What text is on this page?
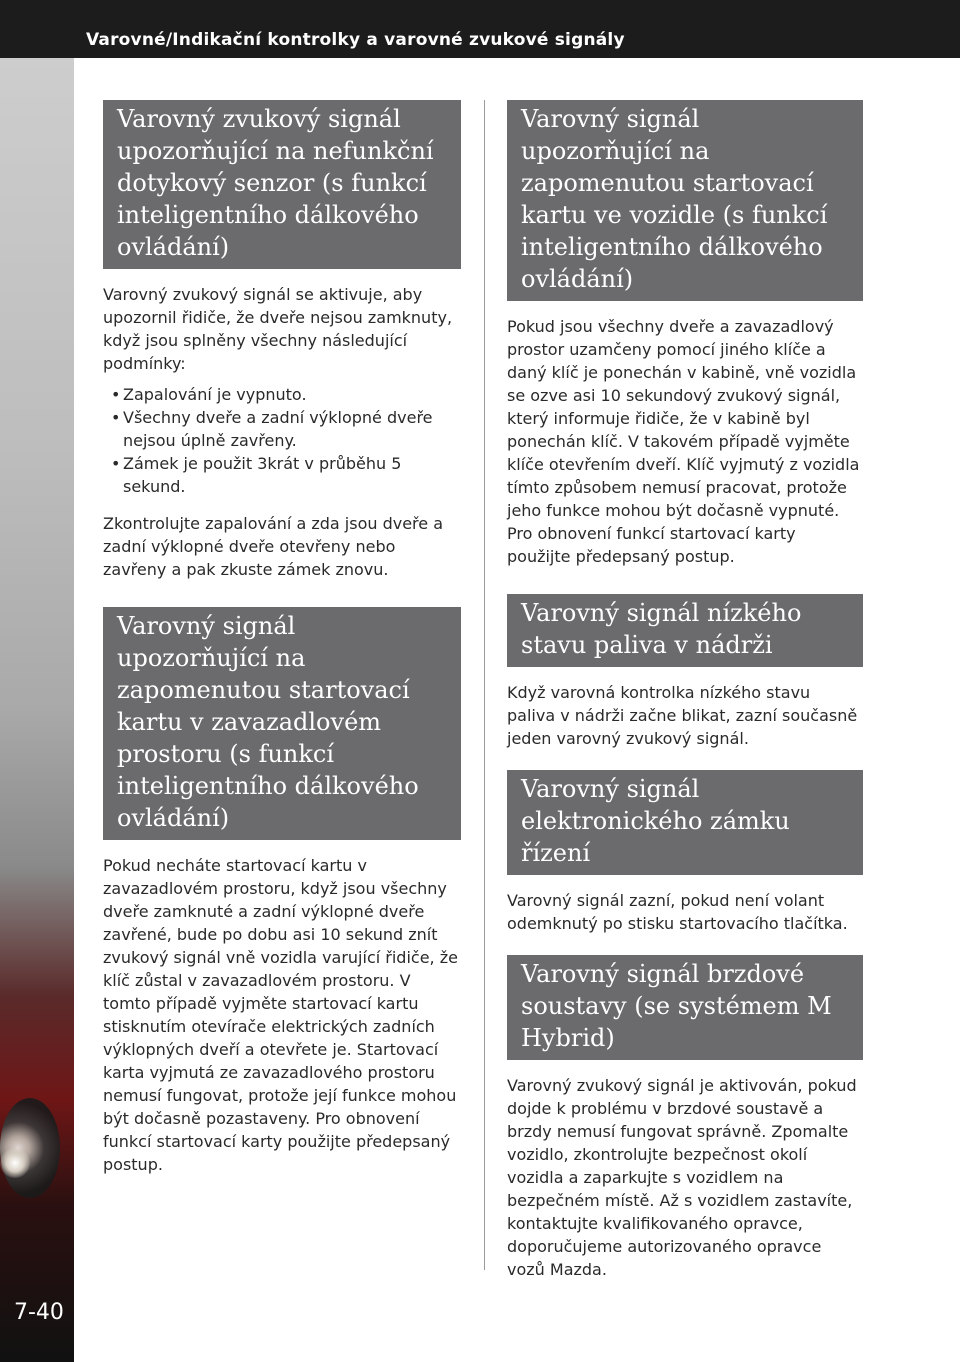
Varovné/Indikační kontrolky a varovné zvukové signály
7-40
Varovný zvukový signál upozorňující na nefunkční dotykový senzor (s funkcí inteligentního dálkového ovládání)

Varovný zvukový signál se aktivuje, aby upozornil řidiče, že dveře nejsou zamknuty, když jsou splněny všechny následující podmínky:

• Zapalování je vypnuto.
• Všechny dveře a zadní výklopné dveře nejsou úplně zavřeny.
• Zámek je použit 3krát v průběhu 5 sekund.

Zkontrolujte zapalování a zda jsou dveře a zadní výklopné dveře otevřeny nebo zavřeny a pak zkuste zámek znovu.

Varovný signál upozorňující na zapomenutou startovací kartu v zavazadlovém prostoru (s funkcí inteligentního dálkového ovládání)

Pokud necháte startovací kartu v zavazadlovém prostoru, když jsou všechny dveře zamknuté a zadní výklopné dveře zavřené, bude po dobu asi 10 sekund znít zvukový signál vně vozidla varující řidiče, že klíč zůstal v zavazadlovém prostoru. V tomto případě vyjměte startovací kartu stisknutím otevírače elektrických zadních výklopných dveří a otevřete je. Startovací karta vyjmutá ze zavazadlového prostoru nemusí fungovat, protože její funkce mohou být dočasně pozastaveny. Pro obnovení funkcí startovací karty použijte předepsaný postup.

Varovný signál upozorňující na zapomenutou startovací kartu ve vozidle (s funkcí inteligentního dálkového ovládání)

Pokud jsou všechny dveře a zavazadlový prostor uzamčeny pomocí jiného klíče a daný klíč je ponechán v kabině, vně vozidla se ozve asi 10 sekundový zvukový signál, který informuje řidiče, že v kabině byl ponechán klíč. V takovém případě vyjměte klíče otevřením dveří. Klíč vyjmutý z vozidla tímto způsobem nemusí pracovat, protože jeho funkce mohou být dočasně vypnuté. Pro obnovení funkcí startovací karty použijte předepsaný postup.

Varovný signál nízkého stavu paliva v nádrži

Když varovná kontrolka nízkého stavu paliva v nádrži začne blikat, zazní současně jeden varovný zvukový signál.

Varovný signál elektronického zámku řízení

Varovný signál zazní, pokud není volant odemknutý po stisku startovacího tlačítka.

Varovný signál brzdové soustavy (se systémem M Hybrid)

Varovný zvukový signál je aktivován, pokud dojde k problému v brzdové soustavě a brzdy nemusí fungovat správně. Zpomalte vozidlo, zkontrolujte bezpečnost okolí vozidla a zaparkujte s vozidlem na bezpečném místě. Až s vozidlem zastavíte, kontaktujte kvalifikovaného opravce, doporučujeme autorizovaného opravce vozů Mazda.
